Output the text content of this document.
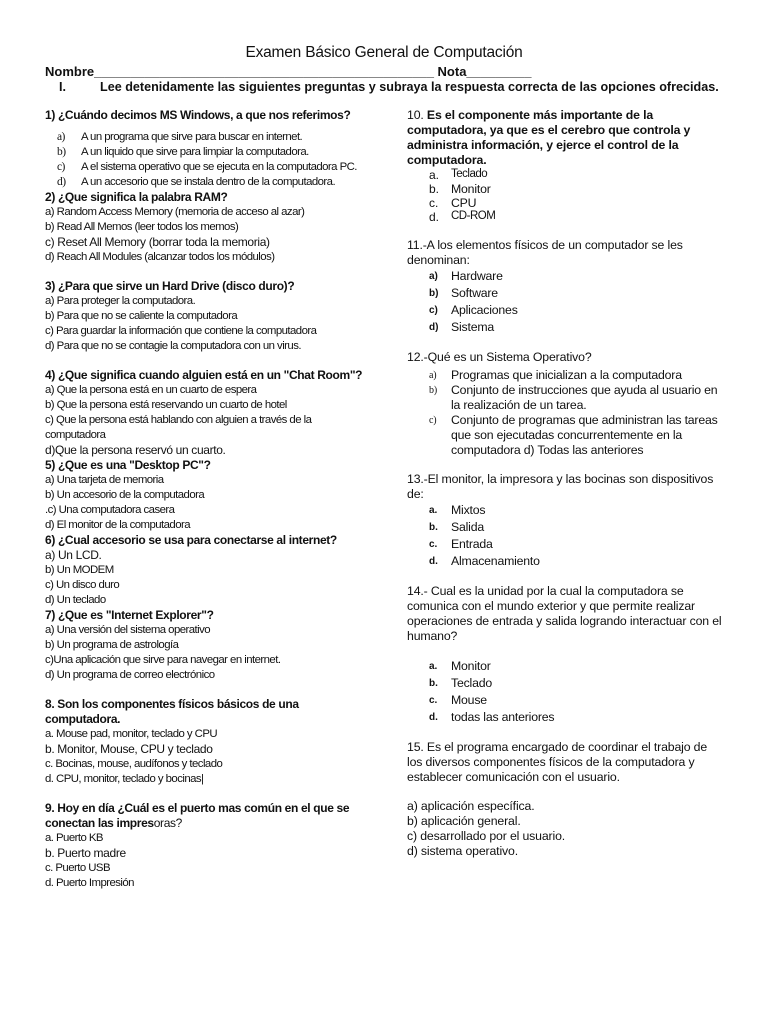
Examen Básico General de Computación
Nombre_______________________________________________ Nota_________
I.	Lee detenidamente las siguientes preguntas y subraya la respuesta correcta de las opciones ofrecidas.
1) ¿Cuándo decimos MS Windows, a que nos referimos?
a)	A un programa que sirve para buscar en internet.
b)	A un liquido que sirve para limpiar la computadora.
c)	A el sistema operativo que se ejecuta en la computadora PC.
d)	A un accesorio que se instala dentro de la computadora.
2) ¿Que significa la palabra RAM?
a) Random Access Memory (memoria de acceso al azar)
b) Read All Memos (leer todos los memos)
c) Reset All Memory (borrar toda la memoria)
d) Reach All Modules (alcanzar todos los módulos)
3) ¿Para que sirve un Hard Drive (disco duro)?
a) Para proteger la computadora.
b) Para que no se caliente la computadora
c) Para guardar la información que contiene la computadora
d) Para que no se contagie la computadora con un virus.
4) ¿Que significa cuando alguien está en un "Chat Room"?
a) Que la persona está en un cuarto de espera
b) Que la persona está reservando un cuarto de hotel
c) Que la persona está hablando con alguien a través de la computadora
d)Que la persona reservó un cuarto.
5) ¿Que es una "Desktop PC"?
a) Una tarjeta de memoria
b) Un accesorio de la computadora
.c) Una computadora casera
d) El monitor de la computadora
6) ¿Cual accesorio se usa para conectarse al internet?
a) Un LCD.
b) Un MODEM
c) Un disco duro
d) Un teclado
7) ¿Que es "Internet Explorer"?
a) Una versión del sistema operativo
b) Un programa de astrología
c)Una aplicación que sirve para navegar en internet.
d) Un programa de correo electrónico
8. Son los componentes físicos básicos de una computadora.
a. Mouse pad, monitor, teclado y CPU
b. Monitor, Mouse, CPU y teclado
c. Bocinas, mouse, audífonos y teclado
d. CPU, monitor, teclado y bocinas|
9. Hoy en día ¿Cuál es el puerto mas común en el que se conectan las impresoras?
a. Puerto KB
b. Puerto madre
c. Puerto USB
d. Puerto Impresión
10. Es el componente más importante de la computadora, ya que es el cerebro que controla y administra información, y ejerce el control de la computadora.
a.	Teclado
b. Monitor
c.	CPU
d.	CD-ROM
11.-A los elementos físicos de un computador se les denominan:
a)	Hardware
b)	Software
c)	Aplicaciones
d)	Sistema
12.-Qué es un Sistema Operativo?
a)	Programas que inicializan a la computadora
b)	Conjunto de instrucciones que ayuda al usuario en la realización de un tarea.
c)	Conjunto de programas que administran las tareas que son ejecutadas concurrentemente en la computadora d) Todas las anteriores
13.-El monitor, la impresora y las bocinas son dispositivos de:
a.	Mixtos
b.	Salida
c.	Entrada
d.	Almacenamiento
14.- Cual es la unidad por la cual la computadora se comunica con el mundo exterior y que permite realizar operaciones de entrada y salida logrando interactuar con el humano?
a.	Monitor
b.	Teclado
c.	Mouse
d.	todas las anteriores
15. Es el programa encargado de coordinar el trabajo de los diversos componentes físicos de la computadora y establecer comunicación con el usuario.
a) aplicación específica.
b) aplicación general.
c) desarrollado por el usuario.
d) sistema operativo.
